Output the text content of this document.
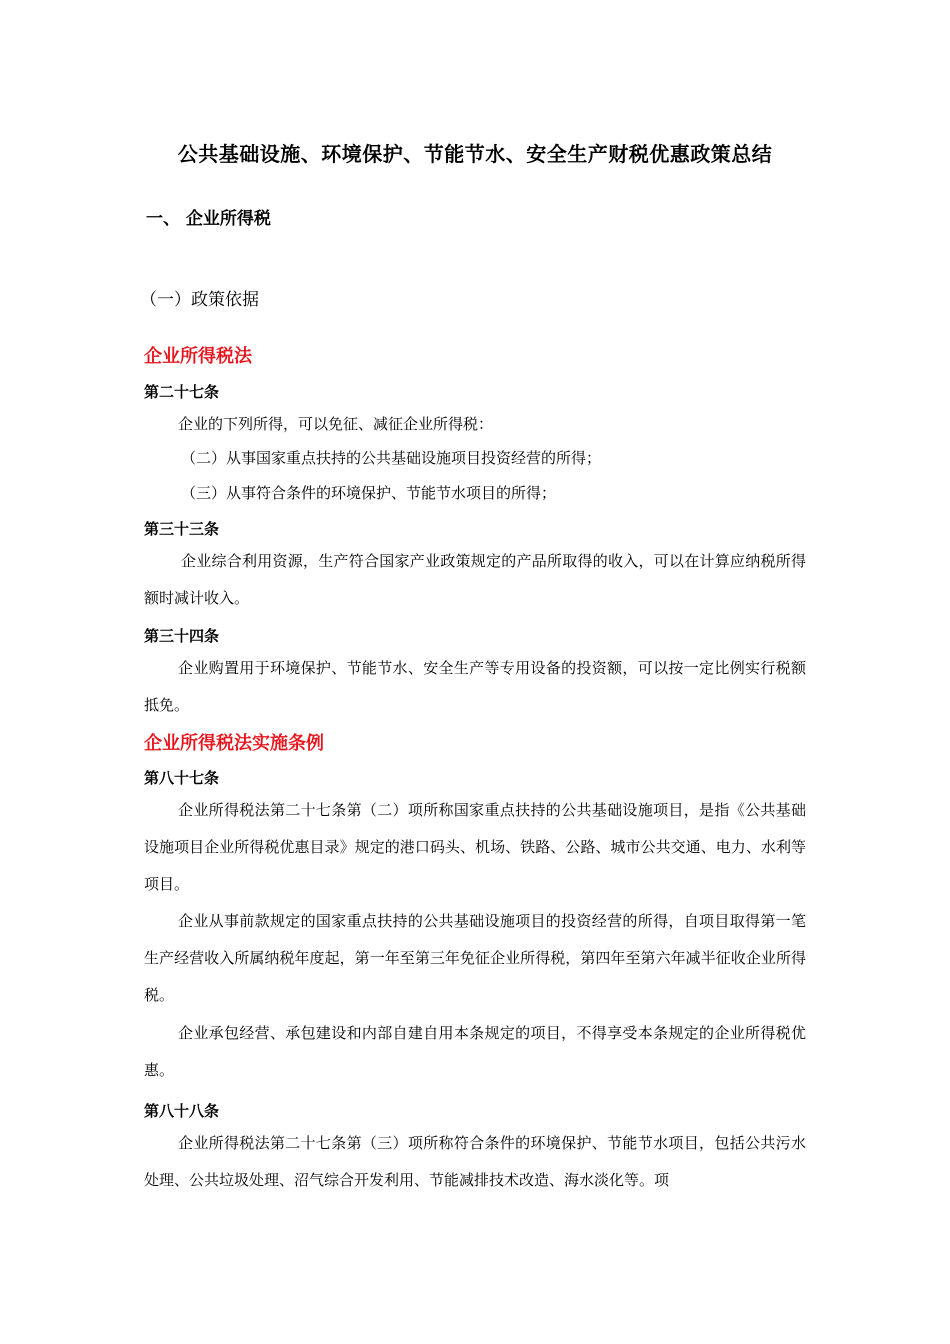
公共基础设施、环境保护、节能节水、安全生产财税优惠政策总结
一、 企业所得税
（一）政策依据
企业所得税法
第二十七条
企业的下列所得，可以免征、减征企业所得税：
（二）从事国家重点扶持的公共基础设施项目投资经营的所得；
（三）从事符合条件的环境保护、节能节水项目的所得；
第三十三条
企业综合利用资源，生产符合国家产业政策规定的产品所取得的收入，可以在计算应纳税所得额时减计收入。
第三十四条
企业购置用于环境保护、节能节水、安全生产等专用设备的投资额，可以按一定比例实行税额抵免。
企业所得税法实施条例
第八十七条
企业所得税法第二十七条第（二）项所称国家重点扶持的公共基础设施项目，是指《公共基础设施项目企业所得税优惠目录》规定的港口码头、机场、铁路、公路、城市公共交通、电力、水利等项目。
企业从事前款规定的国家重点扶持的公共基础设施项目的投资经营的所得，自项目取得第一笔生产经营收入所属纳税年度起，第一年至第三年免征企业所得税，第四年至第六年减半征收企业所得税。
企业承包经营、承包建设和内部自建自用本条规定的项目，不得享受本条规定的企业所得税优惠。
第八十八条
企业所得税法第二十七条第（三）项所称符合条件的环境保护、节能节水项目，包括公共污水处理、公共垃圾处理、沼气综合开发利用、节能减排技术改造、海水淡化等。项
